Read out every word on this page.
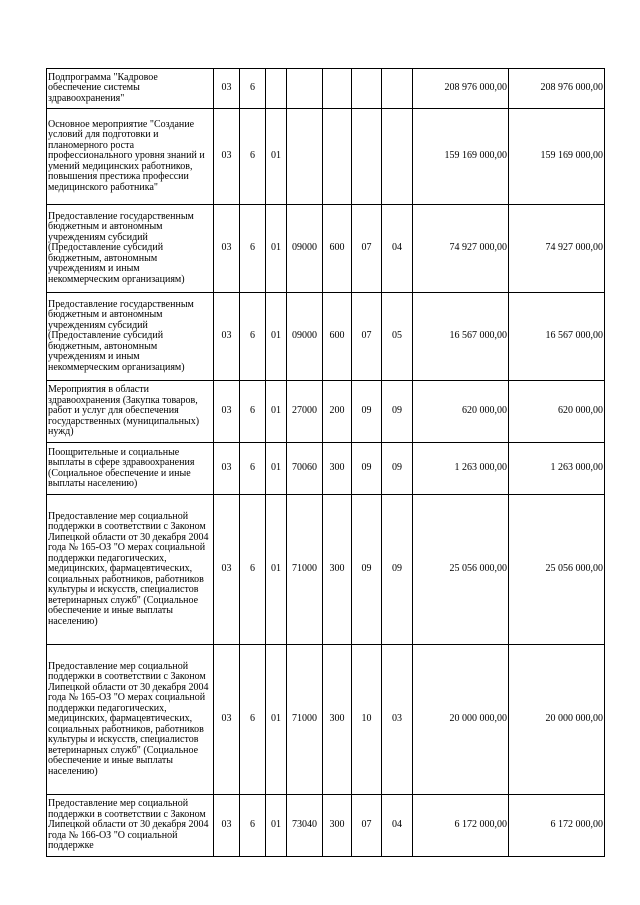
Подпрограмма "Кадровое обеспечение системы здравоохранения"	03	6						208 976 000,00	208 976 000,00
Основное мероприятие "Создание условий для подготовки и планомерного роста профессионального уровня знаний и умений медицинских работников, повышения престижа профессии медицинского работника"	03	6	01					159 169 000,00	159 169 000,00
Предоставление государственным бюджетным и автономным учреждениям субсидий (Предоставление субсидий бюджетным, автономным учреждениям и иным некоммерческим организациям)	03	6	01	09000	600	07	04	74 927 000,00	74 927 000,00
Предоставление государственным бюджетным и автономным учреждениям субсидий (Предоставление субсидий бюджетным, автономным учреждениям и иным некоммерческим организациям)	03	6	01	09000	600	07	05	16 567 000,00	16 567 000,00
Мероприятия в области здравоохранения (Закупка товаров, работ и услуг для обеспечения государственных (муниципальных) нужд)	03	6	01	27000	200	09	09	620 000,00	620 000,00
Поощрительные и социальные выплаты в сфере здравоохранения (Социальное обеспечение и иные выплаты населению)	03	6	01	70060	300	09	09	1 263 000,00	1 263 000,00
Предоставление мер социальной поддержки в соответствии с Законом Липецкой области от 30 декабря 2004 года № 165-ОЗ "О мерах социальной поддержки педагогических, медицинских, фармацевтических, социальных работников, работников культуры и искусств, специалистов ветеринарных служб" (Социальное обеспечение и иные выплаты населению)	03	6	01	71000	300	09	09	25 056 000,00	25 056 000,00
Предоставление мер социальной поддержки в соответствии с Законом Липецкой области от 30 декабря 2004 года № 165-ОЗ "О мерах социальной поддержки педагогических, медицинских, фармацевтических, социальных работников, работников культуры и искусств, специалистов ветеринарных служб" (Социальное обеспечение и иные выплаты населению)	03	6	01	71000	300	10	03	20 000 000,00	20 000 000,00
Предоставление мер социальной поддержки в соответствии с Законом Липецкой области от 30 декабря 2004 года № 166-ОЗ "О социальной поддержке	03	6	01	73040	300	07	04	6 172 000,00	6 172 000,00
